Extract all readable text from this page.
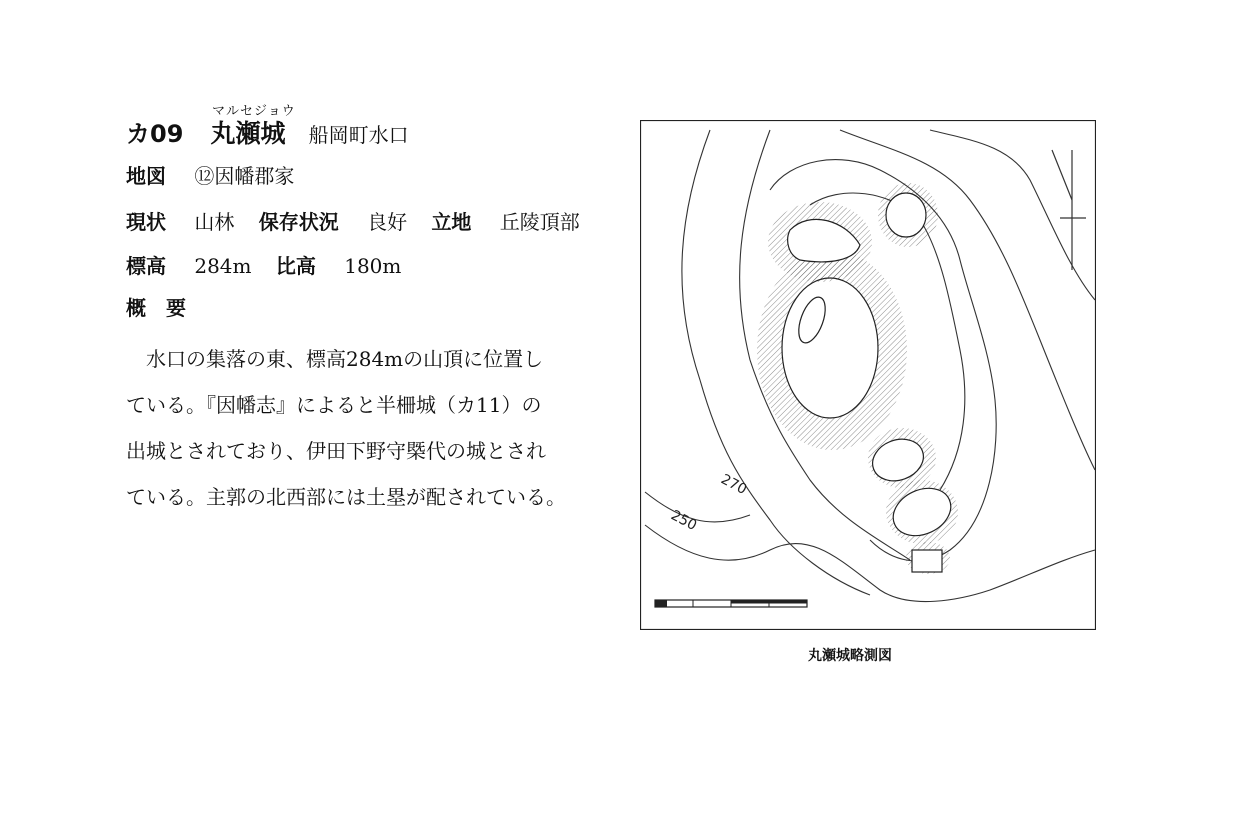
マルセジョウ
カ09 丸瀬城 船岡町水口
地図 ⑫因幡郡家
現状 山林 保存状況 良好 立地 丘陵頂部
標高 284m 比高 180m
概　要

　水口の集落の東、標高284mの山頂に位置し

ている。『因幡志』によると半柵城（カ11）の

出城とされており、伊田下野守槩代の城とされ

ている。主郭の北西部には土塁が配されている。	270
250
丸瀬城略測図
